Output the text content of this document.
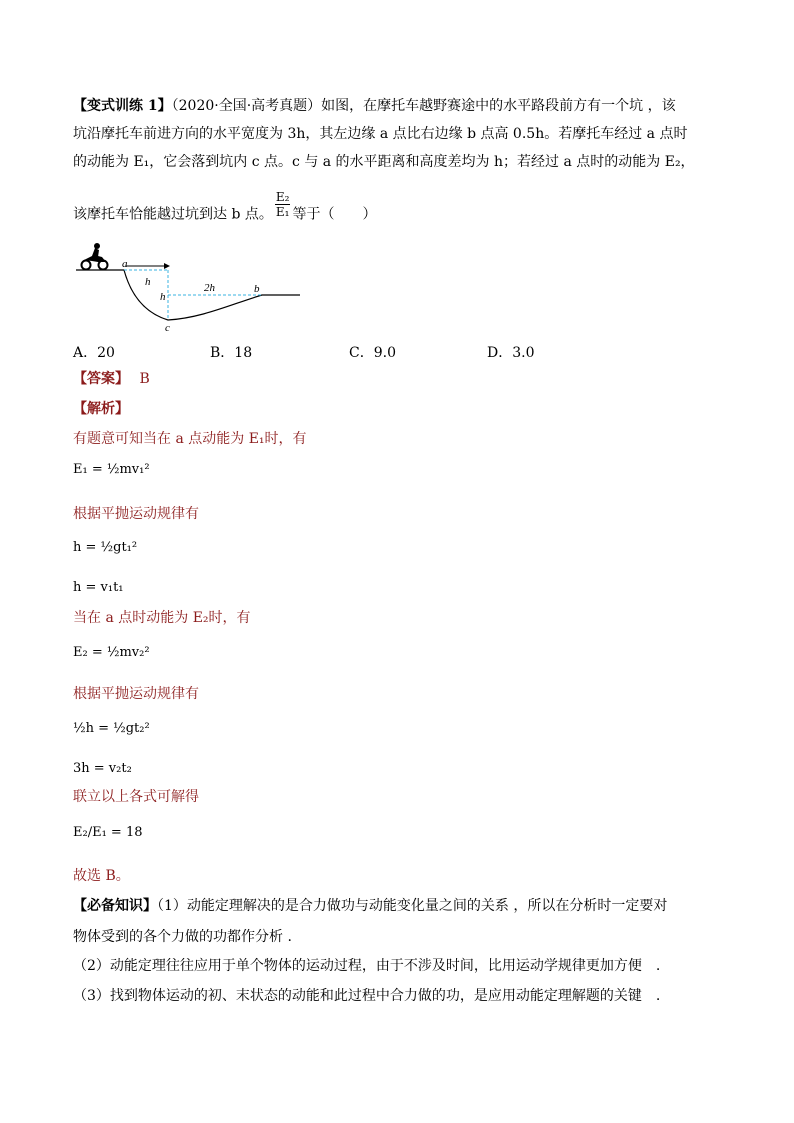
【变式训练 1】（2020·全国·高考真题）如图，在摩托车越野赛途中的水平路段前方有一个坑 ，该
坑沿摩托车前进方向的水平宽度为 3h，其左边缘 a 点比右边缘 b 点高 0.5h。若摩托车经过 a 点时
的动能为 E₁，它会落到坑内 c 点。c 与 a 的水平距离和高度差均为 h；若经过 a 点时的动能为 E₂，
该摩托车恰能越过坑到达 b 点。 $\frac{\text{E₂}}{\text{E₁}}$ 等于（　　）
a
h
h
2h	b
c
A．20	B．18	C．9.0	D．3.0
【答案】 B
【解析】
有题意可知当在 a 点动能为 E₁时，有
E₁ = ½mv₁²
根据平抛运动规律有
h = ½gt₁²
h = v₁t₁
当在 a 点时动能为 E₂时，有
E₂ = ½mv₂²
根据平抛运动规律有
½h = ½gt₂²
3h = v₂t₂
联立以上各式可解得
E₂/E₁ = 18
故选 B。
【必备知识】（1）动能定理解决的是合力做功与动能变化量之间的关系 ，所以在分析时一定要对
物体受到的各个力做的功都作分析 .
（2）动能定理往往应用于单个物体的运动过程，由于不涉及时间，比用运动学规律更加方便　.
（3）找到物体运动的初、末状态的动能和此过程中合力做的功，是应用动能定理解题的关键　.
